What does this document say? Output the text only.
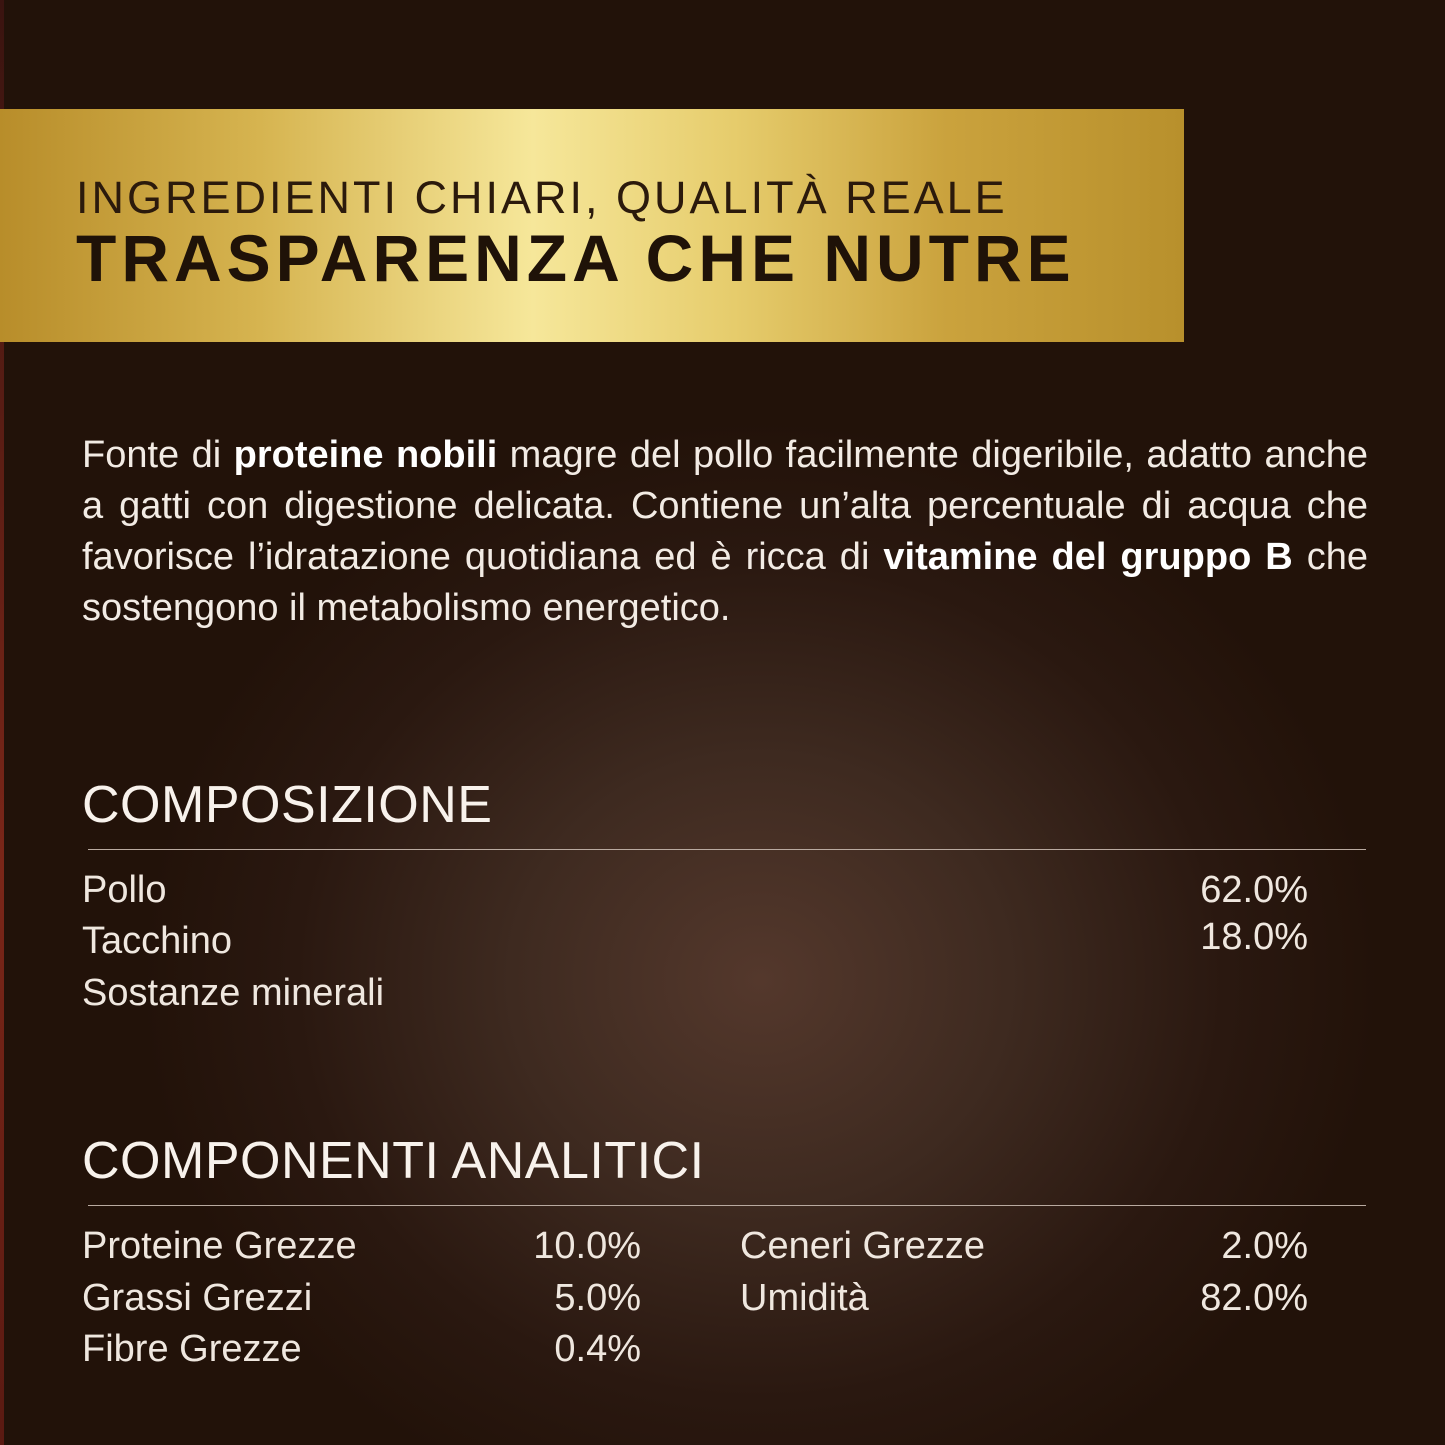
INGREDIENTI CHIARI, QUALITÀ REALE
TRASPARENZA CHE NUTRE
Fonte di proteine nobili magre del pollo facilmente digeribile, adatto anche a gatti con digestione delicata. Contiene un’alta percentuale di acqua che favorisce l’idratazione quotidiana ed è ricca di vitamine del gruppo B che sostengono il metabolismo energetico.
COMPOSIZIONE
Pollo	62.0%
Tacchino	18.0%
Sostanze minerali
COMPONENTI ANALITICI
Proteine Grezze	10.0%
Grassi Grezzi	5.0%
Fibre Grezze	0.4%
Ceneri Grezze	2.0%
Umidità	82.0%
